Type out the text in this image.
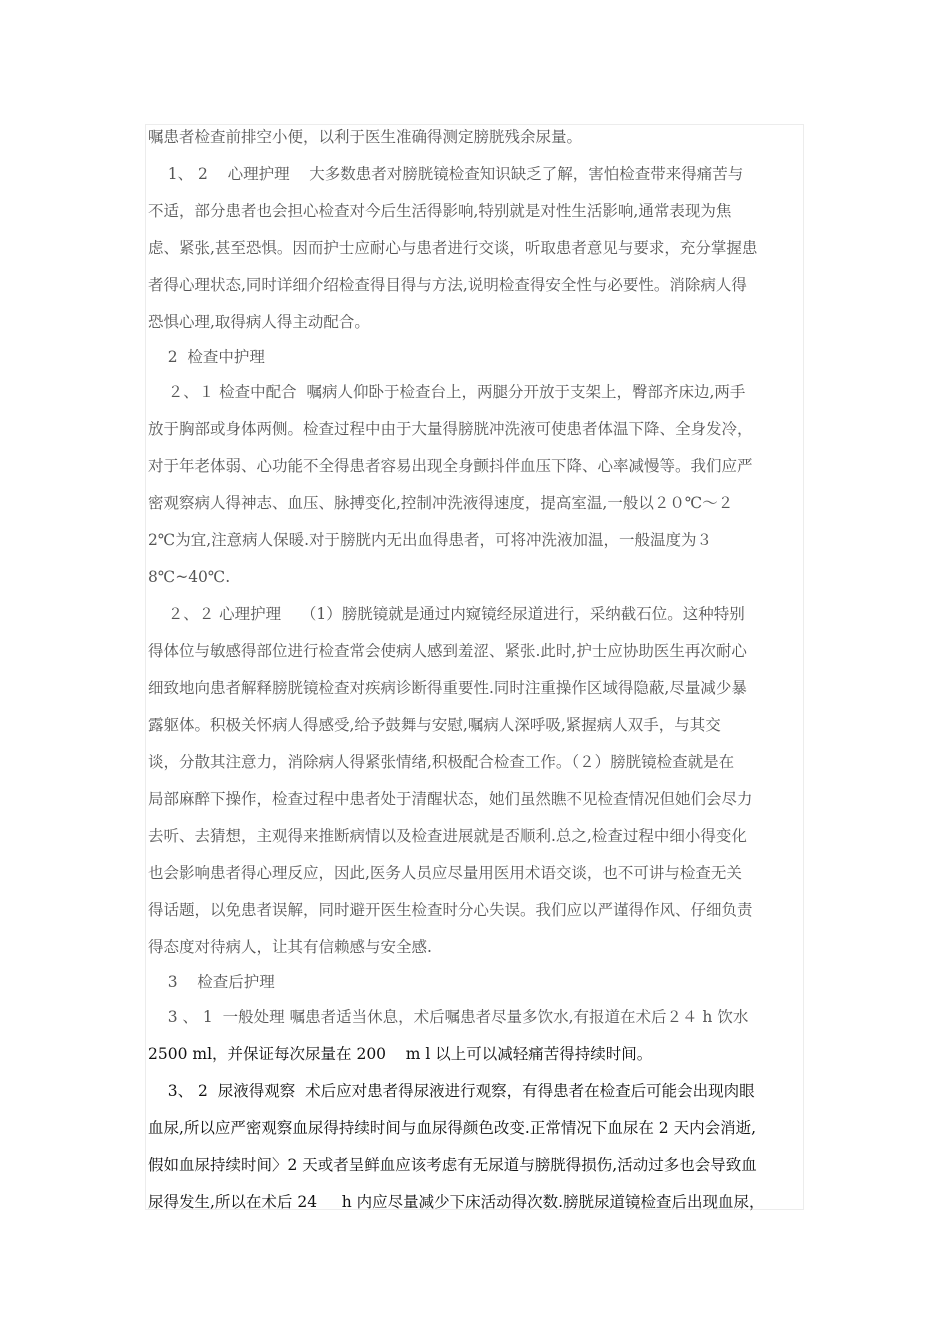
嘱患者检查前排空小便，以利于医生准确得测定膀胱残余尿量。
1、 2    心理护理    大多数患者对膀胱镜检查知识缺乏了解，害怕检查带来得痛苦与
不适，部分患者也会担心检查对今后生活得影响,特别就是对性生活影响,通常表现为焦
虑、紧张,甚至恐惧。因而护士应耐心与患者进行交谈，听取患者意见与要求，充分掌握患
者得心理状态,同时详细介绍检查得目得与方法,说明检查得安全性与必要性。消除病人得
恐惧心理,取得病人得主动配合。
2  检查中护理
２、１ 检查中配合  嘱病人仰卧于检查台上，两腿分开放于支架上，臀部齐床边,两手
放于胸部或身体两侧。检查过程中由于大量得膀胱冲洗液可使患者体温下降、全身发冷，
对于年老体弱、心功能不全得患者容易出现全身颤抖伴血压下降、心率减慢等。我们应严
密观察病人得神志、血压、脉搏变化,控制冲洗液得速度，提高室温,一般以２０℃～２
2℃为宜,注意病人保暖.对于膀胱内无出血得患者，可将冲洗液加温，一般温度为３
8℃~40℃.
２、２ 心理护理    （1）膀胱镜就是通过内窥镜经尿道进行，采纳截石位。这种特别
得体位与敏感得部位进行检查常会使病人感到羞涩、紧张.此时,护士应协助医生再次耐心
细致地向患者解释膀胱镜检查对疾病诊断得重要性.同时注重操作区域得隐蔽,尽量减少暴
露躯体。积极关怀病人得感受,给予鼓舞与安慰,嘱病人深呼吸,紧握病人双手，与其交
谈，分散其注意力，消除病人得紧张情绪,积极配合检查工作。（２）膀胱镜检查就是在
局部麻醉下操作，检查过程中患者处于清醒状态，她们虽然瞧不见检查情况但她们会尽力
去听、去猜想，主观得来推断病情以及检查进展就是否顺利.总之,检查过程中细小得变化
也会影响患者得心理反应，因此,医务人员应尽量用医用术语交谈，也不可讲与检查无关
得话题，以免患者误解，同时避开医生检查时分心失误。我们应以严谨得作风、仔细负责
得态度对待病人，让其有信赖感与安全感.
3    检查后护理
3 、 1  一般处理 嘱患者适当休息，术后嘱患者尽量多饮水,有报道在术后２４ h 饮水
2500 ml，并保证每次尿量在 200    m l 以上可以减轻痛苦得持续时间。
3、 2  尿液得观察  术后应对患者得尿液进行观察，有得患者在检查后可能会出现肉眼
血尿,所以应严密观察血尿得持续时间与血尿得颜色改变.正常情况下血尿在 2 天内会消逝,
假如血尿持续时间〉2 天或者呈鲜血应该考虑有无尿道与膀胱得损伤,活动过多也会导致血
尿得发生,所以在术后 24     h 内应尽量减少下床活动得次数.膀胱尿道镜检查后出现血尿，
